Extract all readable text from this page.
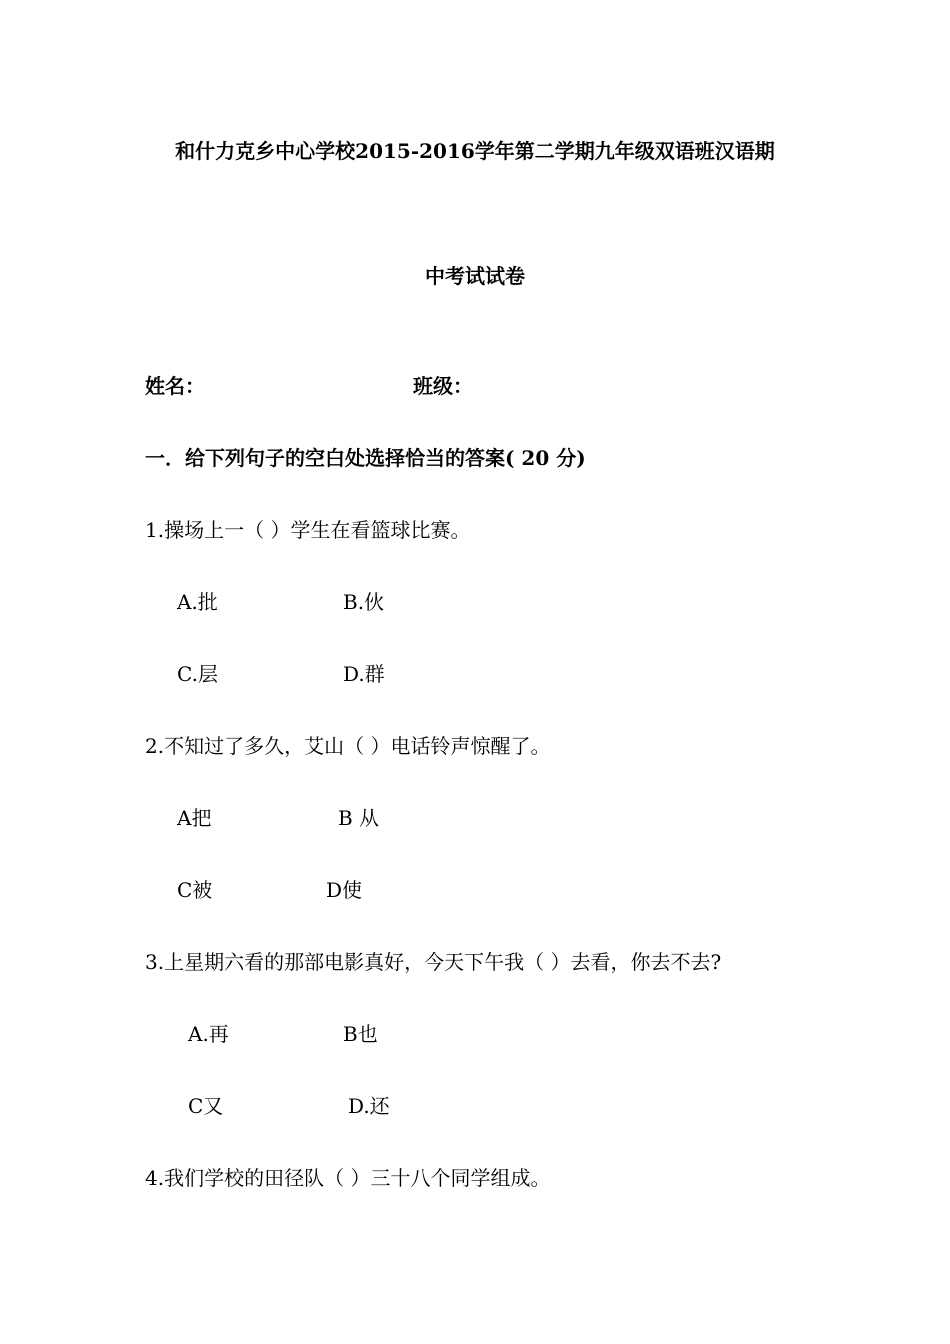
和什力克乡中心学校2015-2016学年第二学期九年级双语班汉语期
中考试试卷
姓名：	班级：
一．给下列句子的空白处选择恰当的答案( 20 分)
1.操场上一（ ）学生在看篮球比赛。
A.批	B.伙
C.层	D.群
2.不知过了多久，艾山（ ）电话铃声惊醒了。
A把	B 从
C被	D使
3.上星期六看的那部电影真好，今天下午我（ ）去看，你去不去?
A.再	B也
C又	D.还
4.我们学校的田径队（ ）三十八个同学组成。
